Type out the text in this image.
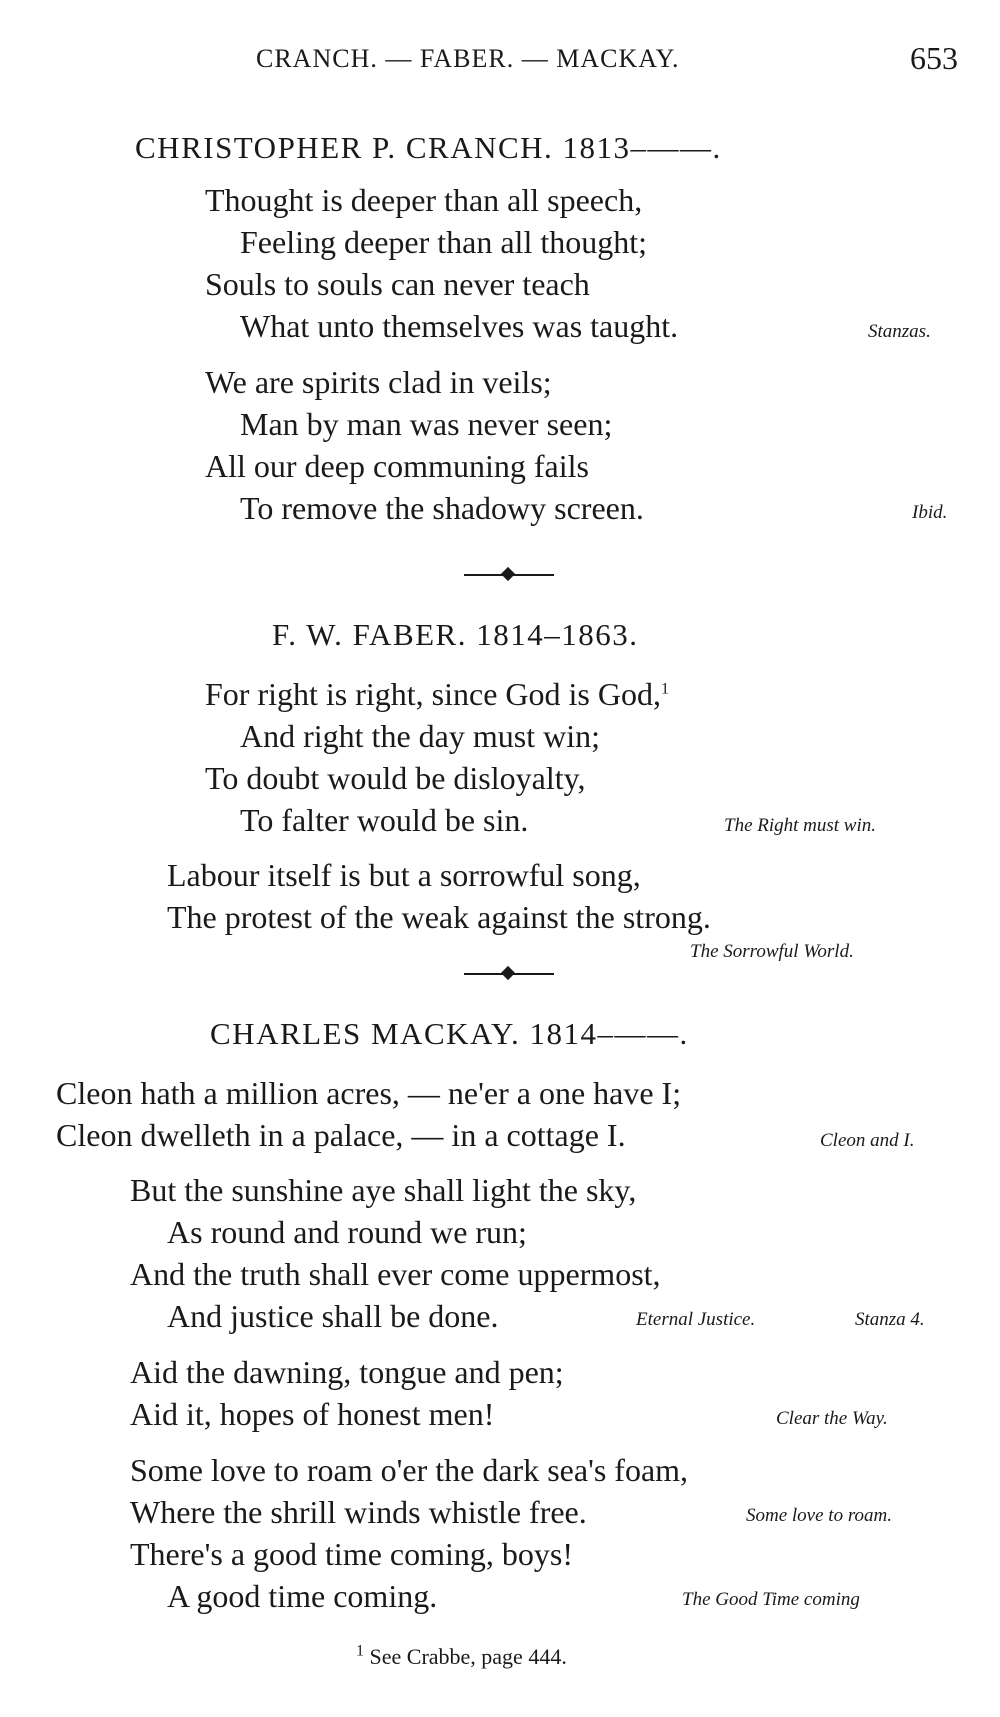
CRANCH. — FABER. — MACKAY.	653
CHRISTOPHER P. CRANCH. 1813–——.
Thought is deeper than all speech,
Feeling deeper than all thought;
Souls to souls can never teach
What unto themselves was taught.	Stanzas.
We are spirits clad in veils;
Man by man was never seen;
All our deep communing fails
To remove the shadowy screen.	Ibid.
F. W. FABER. 1814–1863.
For right is right, since God is God,$^1$
And right the day must win;
To doubt would be disloyalty,
To falter would be sin.	The Right must win.
Labour itself is but a sorrowful song,
The protest of the weak against the strong.
The Sorrowful World.
CHARLES MACKAY. 1814–——.
Cleon hath a million acres, — ne'er a one have I;
Cleon dwelleth in a palace, — in a cottage I.	Cleon and I.
But the sunshine aye shall light the sky,
As round and round we run;
And the truth shall ever come uppermost,
And justice shall be done.	Eternal Justice.	Stanza 4.
Aid the dawning, tongue and pen;
Aid it, hopes of honest men!	Clear the Way.
Some love to roam o'er the dark sea's foam,
Where the shrill winds whistle free.	Some love to roam.
There's a good time coming, boys!
A good time coming.	The Good Time coming
$^1$ See Crabbe, page 444.
